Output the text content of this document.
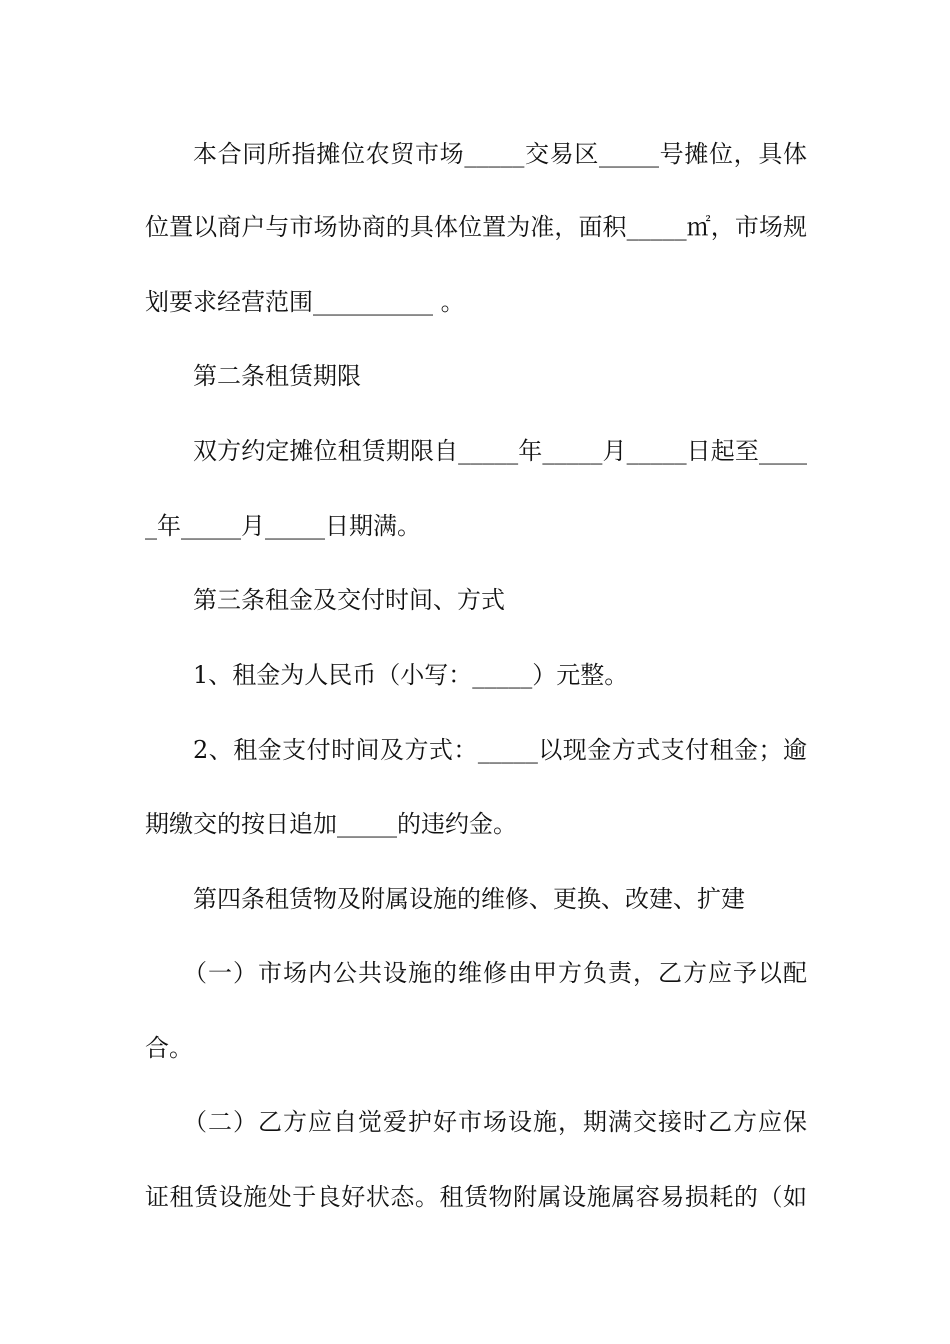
本合同所指摊位农贸市场_____交易区_____号摊位，具体
位置以商户与市场协商的具体位置为准，面积_____㎡，市场规
划要求经营范围__________ 。
第二条租赁期限
双方约定摊位租赁期限自_____年_____月_____日起至____
_年_____月_____日期满。
第三条租金及交付时间、方式
1、租金为人民币（小写：_____）元整。
2、租金支付时间及方式：_____以现金方式支付租金；逾
期缴交的按日追加_____的违约金。
第四条租赁物及附属设施的维修、更换、改建、扩建
（一）市场内公共设施的维修由甲方负责，乙方应予以配
合。
（二）乙方应自觉爱护好市场设施，期满交接时乙方应保
证租赁设施处于良好状态。租赁物附属设施属容易损耗的（如
